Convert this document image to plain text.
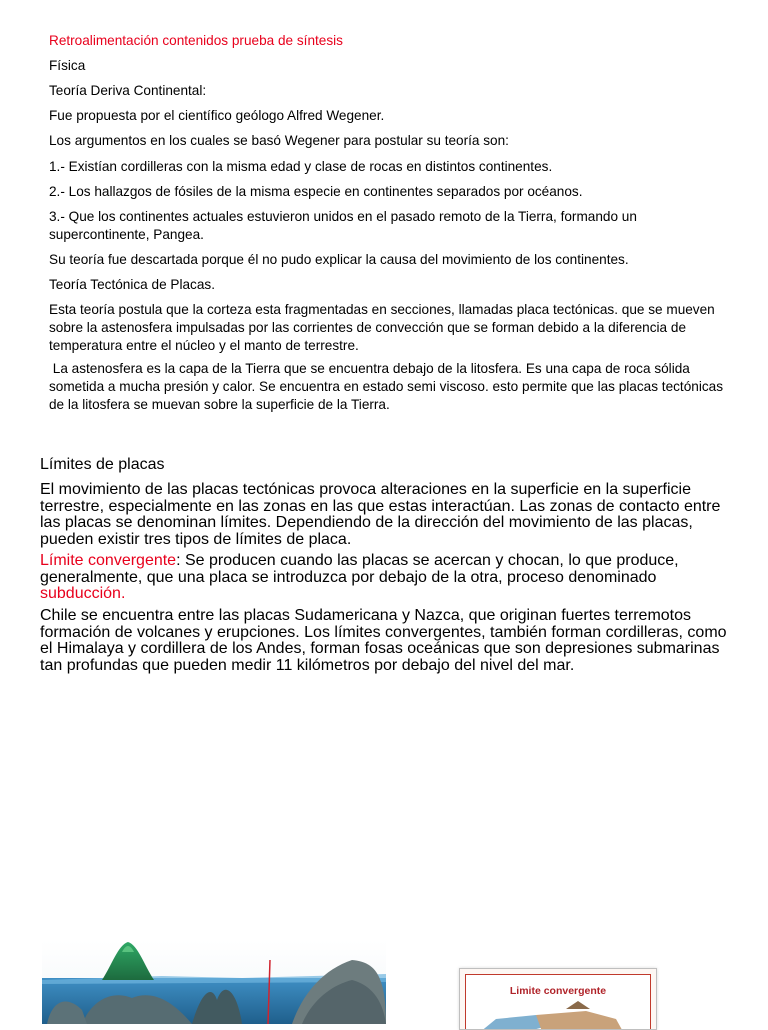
Retroalimentación contenidos prueba de síntesis

Física

Teoría Deriva Continental:

Fue propuesta por el científico geólogo Alfred Wegener.

Los argumentos en los cuales se basó Wegener para postular su teoría son:

1.- Existían cordilleras con la misma edad y clase de rocas en distintos continentes.

2.- Los hallazgos de fósiles de la misma especie en continentes separados por océanos.

3.- Que los continentes actuales estuvieron unidos en el pasado remoto de la Tierra, formando un supercontinente, Pangea.

Su teoría fue descartada porque él no pudo explicar la causa del movimiento de los continentes.

Teoría Tectónica de Placas.

Esta teoría postula que la corteza esta fragmentadas en secciones, llamadas placa tectónicas. que se mueven sobre la astenosfera impulsadas por las corrientes de convección que se forman debido a la diferencia de temperatura entre el núcleo y el manto de terrestre.

La astenosfera es la capa de la Tierra que se encuentra debajo de la litosfera. Es una capa de roca sólida sometida a mucha presión y calor. Se encuentra en estado semi viscoso. esto permite que las placas tectónicas de la litosfera se muevan sobre la superficie de la Tierra.

Límites de placas

El movimiento de las placas tectónicas provoca alteraciones en la superficie en la superficie terrestre, especialmente en las zonas en las que estas interactúan. Las zonas de contacto entre las placas se denominan límites. Dependiendo de la dirección del movimiento de las placas, pueden existir tres tipos de límites de placa.

Límite convergente: Se producen cuando las placas se acercan y chocan, lo que produce, generalmente, que una placa se introduzca por debajo de la otra, proceso denominado subducción.

Chile se encuentra entre las placas Sudamericana y Nazca, que originan fuertes terremotos formación de volcanes y erupciones. Los límites convergentes, también forman cordilleras, como el Himalaya y cordillera de los Andes, forman fosas oceánicas que son depresiones submarinas tan profundas que pueden medir 11 kilómetros por debajo del nivel del mar.

Limite convergente
